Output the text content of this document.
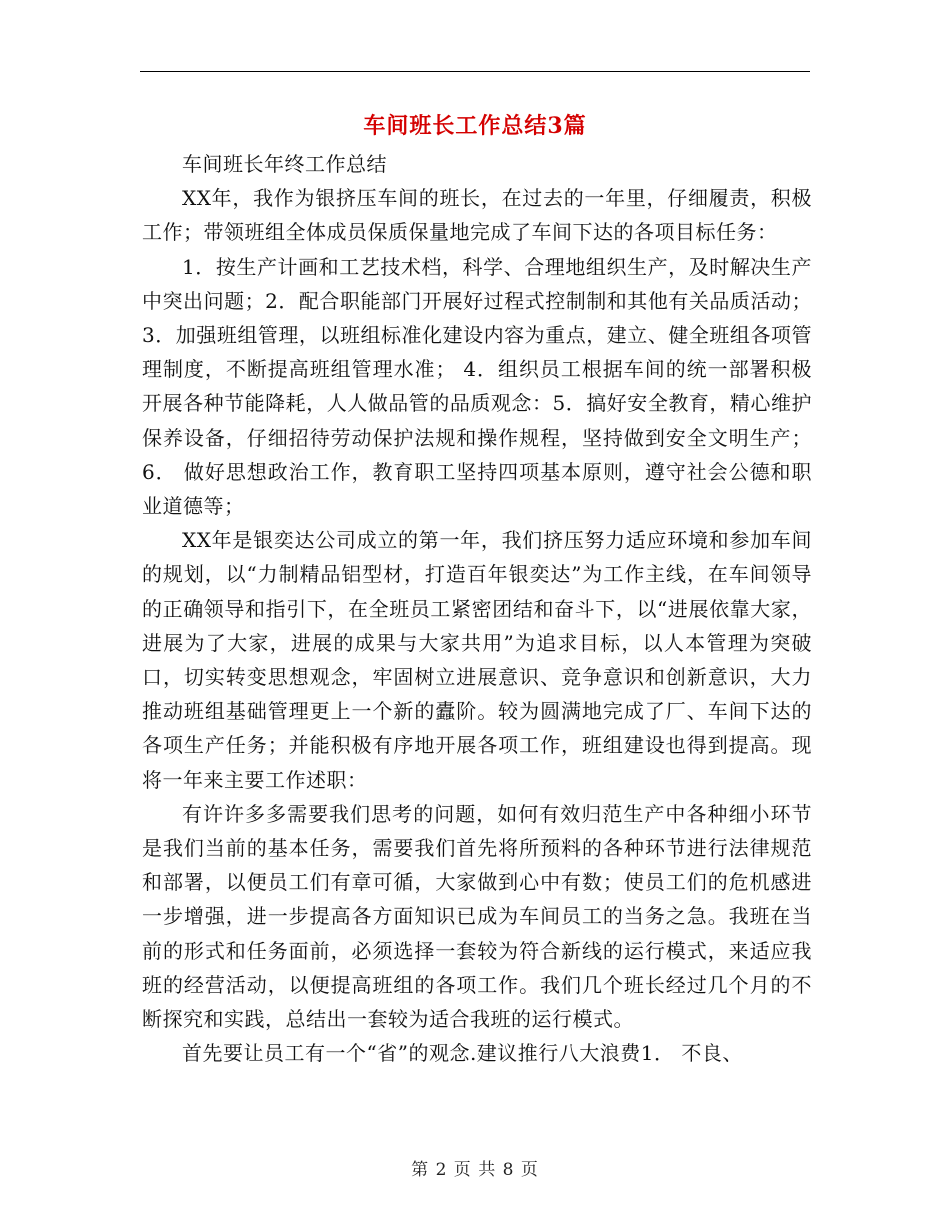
车间班长工作总结3篇

车间班长年终工作总结

XX年，我作为银挤压车间的班长，在过去的一年里，仔细履责，积极工作；带领班组全体成员保质保量地完成了车间下达的各项目标任务：

1．按生产计画和工艺技术档，科学、合理地组织生产，及时解决生产中突出问题；2．配合职能部门开展好过程式控制制和其他有关品质活动；3．加强班组管理，以班组标准化建设内容为重点，建立、健全班组各项管理制度，不断提高班组管理水准； 4．组织员工根据车间的统一部署积极开展各种节能降耗，人人做品管的品质观念：5．搞好安全教育，精心维护保养设备，仔细招待劳动保护法规和操作规程，坚持做到安全文明生产；6． 做好思想政治工作，教育职工坚持四项基本原则，遵守社会公德和职业道德等；

XX年是银奕达公司成立的第一年，我们挤压努力适应环境和参加车间的规划，以“力制精品铝型材，打造百年银奕达”为工作主线，在车间领导的正确领导和指引下，在全班员工紧密团结和奋斗下，以“进展依靠大家，进展为了大家，进展的成果与大家共用”为追求目标，以人本管理为突破口，切实转变思想观念，牢固树立进展意识、竞争意识和创新意识，大力推动班组基础管理更上一个新的蠹阶。较为圆满地完成了厂、车间下达的各项生产任务；并能积极有序地开展各项工作，班组建设也得到提高。现将一年来主要工作述职：

有许许多多需要我们思考的问题，如何有效归范生产中各种细小环节是我们当前的基本任务，需要我们首先将所预料的各种环节进行法律规范和部署，以便员工们有章可循，大家做到心中有数；使员工们的危机感进一步增强，进一步提高各方面知识已成为车间员工的当务之急。我班在当前的形式和任务面前，必须选择一套较为符合新线的运行模式，来适应我班的经营活动，以便提高班组的各项工作。我们几个班长经过几个月的不断探究和实践，总结出一套较为适合我班的运行模式。

首先要让员工有一个“省”的观念.建议推行八大浪费1． 不良、

第 2 页 共 8 页
